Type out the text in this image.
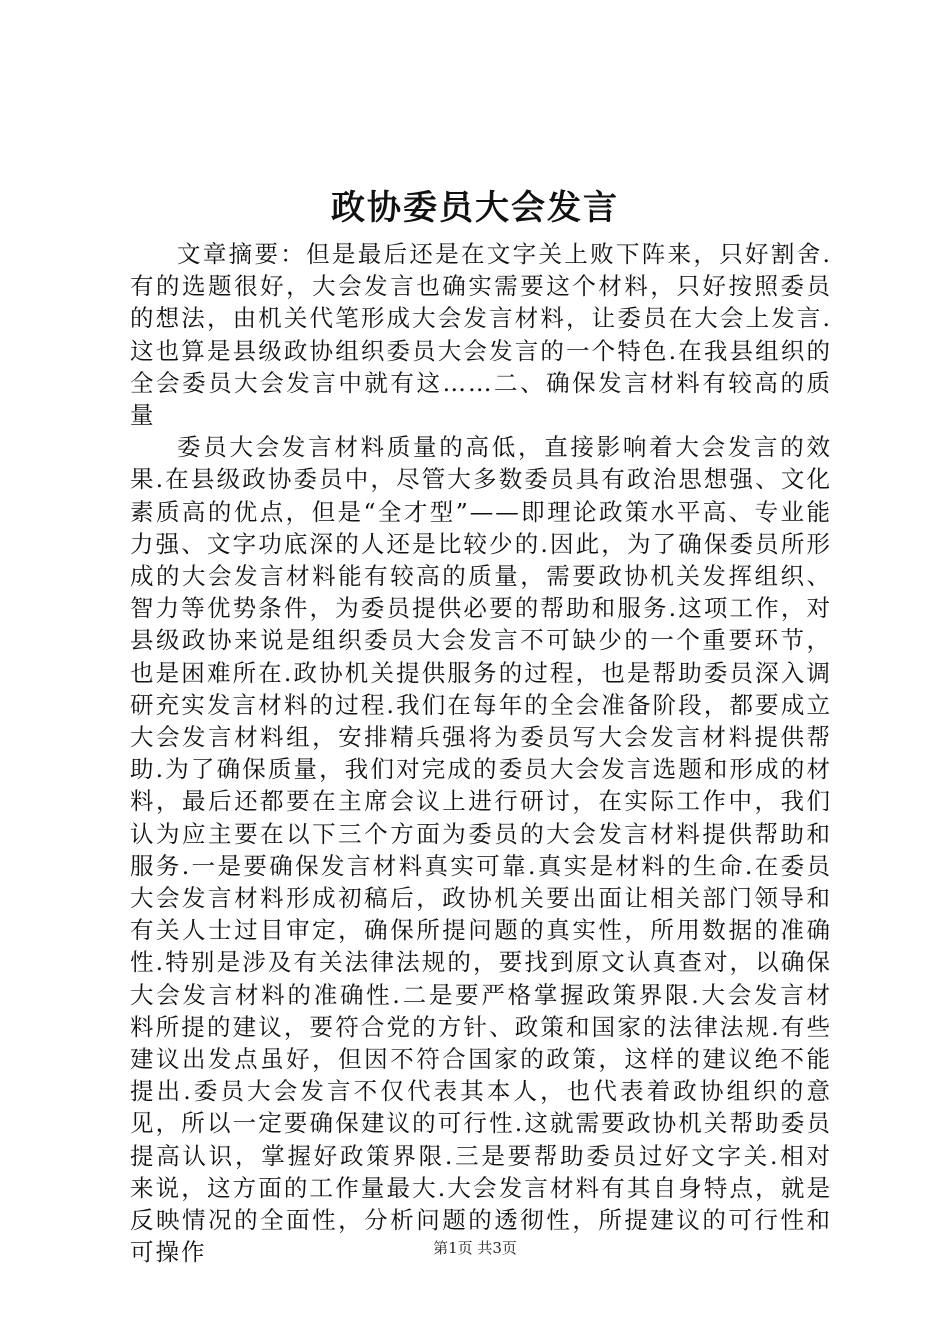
政协委员大会发言

文章摘要：但是最后还是在文字关上败下阵来，只好割舍.有的选题很好，大会发言也确实需要这个材料，只好按照委员的想法，由机关代笔形成大会发言材料，让委员在大会上发言.这也算是县级政协组织委员大会发言的一个特色.在我县组织的全会委员大会发言中就有这……二、确保发言材料有较高的质量

委员大会发言材料质量的高低，直接影响着大会发言的效果.在县级政协委员中，尽管大多数委员具有政治思想强、文化素质高的优点，但是“全才型”——即理论政策水平高、专业能力强、文字功底深的人还是比较少的.因此，为了确保委员所形成的大会发言材料能有较高的质量，需要政协机关发挥组织、智力等优势条件，为委员提供必要的帮助和服务.这项工作，对县级政协来说是组织委员大会发言不可缺少的一个重要环节，也是困难所在.政协机关提供服务的过程，也是帮助委员深入调研充实发言材料的过程.我们在每年的全会准备阶段，都要成立大会发言材料组，安排精兵强将为委员写大会发言材料提供帮助.为了确保质量，我们对完成的委员大会发言选题和形成的材料，最后还都要在主席会议上进行研讨，在实际工作中，我们认为应主要在以下三个方面为委员的大会发言材料提供帮助和服务.一是要确保发言材料真实可靠.真实是材料的生命.在委员大会发言材料形成初稿后，政协机关要出面让相关部门领导和有关人士过目审定，确保所提问题的真实性，所用数据的准确性.特别是涉及有关法律法规的，要找到原文认真查对，以确保大会发言材料的准确性.二是要严格掌握政策界限.大会发言材料所提的建议，要符合党的方针、政策和国家的法律法规.有些建议出发点虽好，但因不符合国家的政策，这样的建议绝不能提出.委员大会发言不仅代表其本人，也代表着政协组织的意见，所以一定要确保建议的可行性.这就需要政协机关帮助委员提高认识，掌握好政策界限.三是要帮助委员过好文字关.相对来说，这方面的工作量最大.大会发言材料有其自身特点，就是反映情况的全面性，分析问题的透彻性，所提建议的可行性和可操作	第1页 共3页
